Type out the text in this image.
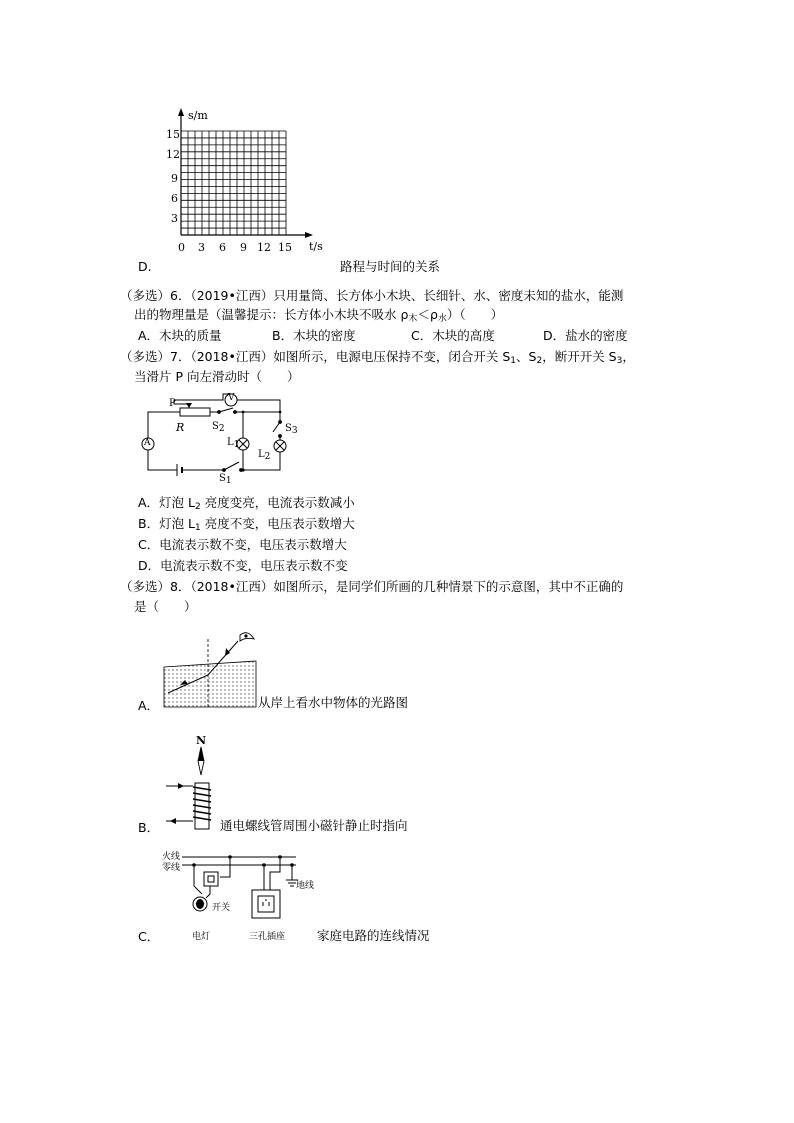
s/m
t/s
15
12
9
6
3
0 3 6 9 12 15
D.	路程与时间的关系
（多选）6．（2019•江西）只用量筒、长方体小木块、长细针、水、密度未知的盐水，能测
出的物理量是（温馨提示：长方体小木块不吸水 $\rho_木<\rho_水$）（　　）
A．木块的质量	B．木块的密度	C．木块的高度	D．盐水的密度
（多选）7．（2018•江西）如图所示，电源电压保持不变，闭合开关 $S_1$、$S_2$，断开开关 $S_3$，
当滑片 P 向左滑动时（　　）
P	V
A
R	$S_2$	$S_3$
$L_1$
$L_2$
$S_1$
A．灯泡 $L_2$ 亮度变亮，电流表示数减小
B．灯泡 $L_1$ 亮度不变，电压表示数增大
C．电流表示数不变，电压表示数增大
D．电流表示数不变，电压表示数不变
（多选）8．（2018•江西）如图所示，是同学们所画的几种情景下的示意图，其中不正确的
是（　　）
A．	从岸上看水中物体的光路图
N
B．	通电螺线管周围小磁针静止时指向
火线
零线
地线
开关
电灯	三孔插座
C．	家庭电路的连线情况
